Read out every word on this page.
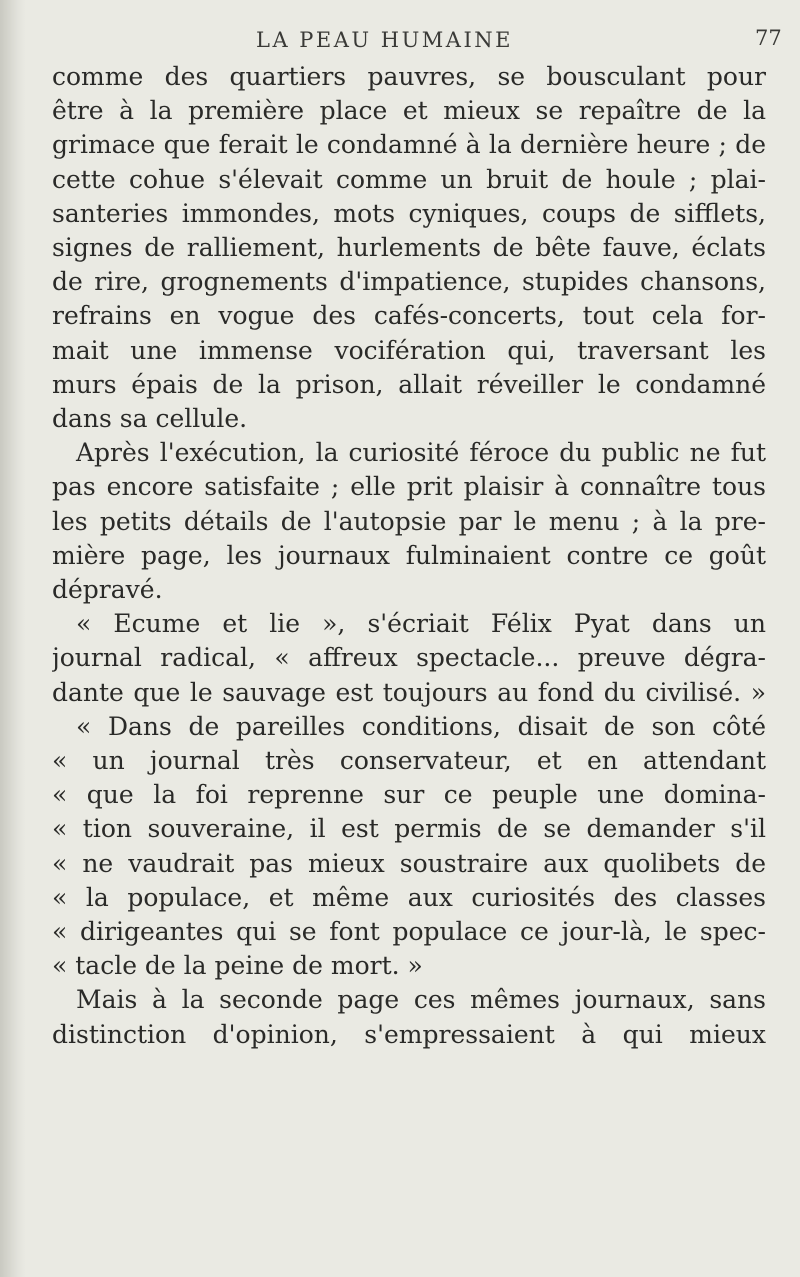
LA PEAU HUMAINE	77
comme des quartiers pauvres, se bousculant pour
être à la première place et mieux se repaître de la
grimace que ferait le condamné à la dernière heure ; de
cette cohue s'élevait comme un bruit de houle ; plai-
santeries immondes, mots cyniques, coups de sifflets,
signes de ralliement, hurlements de bête fauve, éclats
de rire, grognements d'impatience, stupides chansons,
refrains en vogue des cafés-concerts, tout cela for-
mait une immense vocifération qui, traversant les
murs épais de la prison, allait réveiller le condamné
dans sa cellule.
Après l'exécution, la curiosité féroce du public ne fut
pas encore satisfaite ; elle prit plaisir à connaître tous
les petits détails de l'autopsie par le menu ; à la pre-
mière page, les journaux fulminaient contre ce goût
dépravé.
« Ecume et lie », s'écriait Félix Pyat dans un
journal radical, « affreux spectacle... preuve dégra-
dante que le sauvage est toujours au fond du civilisé. »
« Dans de pareilles conditions, disait de son côté
« un journal très conservateur, et en attendant
« que la foi reprenne sur ce peuple une domina-
« tion souveraine, il est permis de se demander s'il
« ne vaudrait pas mieux soustraire aux quolibets de
« la populace, et même aux curiosités des classes
« dirigeantes qui se font populace ce jour-là, le spec-
« tacle de la peine de mort. »
Mais à la seconde page ces mêmes journaux, sans
distinction d'opinion, s'empressaient à qui mieux
